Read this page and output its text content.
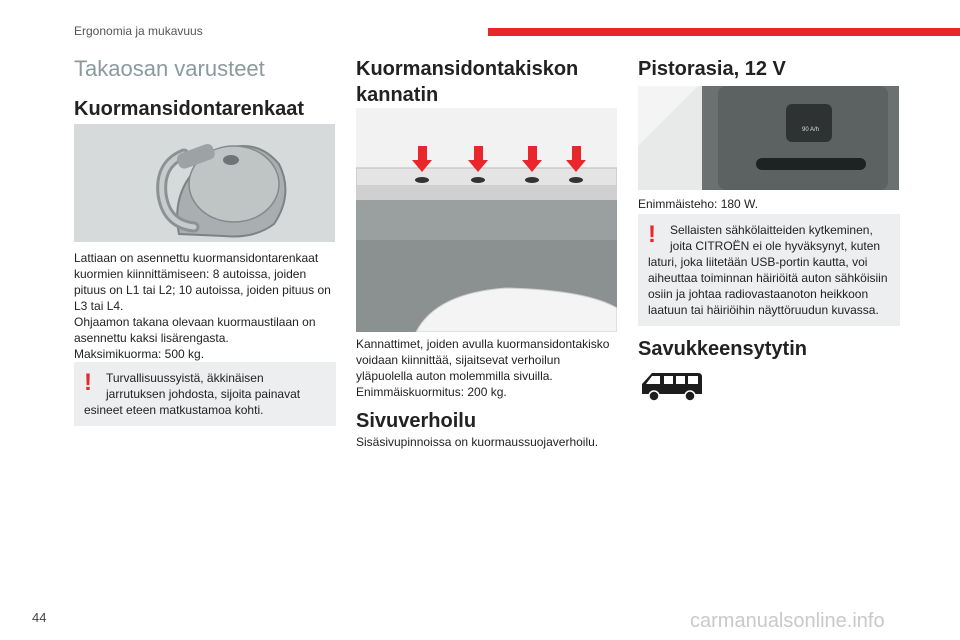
Ergonomia ja mukavuus
Takaosan varusteet
Kuormansidontarenkaat
Lattiaan on asennettu kuormansidontarenkaat kuormien kiinnittämiseen: 8 autoissa, joiden pituus on L1 tai L2; 10 autoissa, joiden pituus on L3 tai L4.
Ohjaamon takana olevaan kuormaustilaan on asennettu kaksi lisärengasta.
Maksimikuorma: 500 kg.
!	Turvallisuussyistä, äkkinäisen jarrutuksen johdosta, sijoita painavat esineet eteen matkustamoa kohti.
Kuormansidontakiskon kannatin
Kannattimet, joiden avulla kuormansidontakisko voidaan kiinnittää, sijaitsevat verhoilun yläpuolella auton molemmilla sivuilla.
Enimmäiskuormitus: 200 kg.
Sivuverhoilu
Sisäsivupinnoissa on kuormaussuojaverhoilu.
Pistorasia, 12 V
90 A/h
Enimmäisteho: 180 W.
!	Sellaisten sähkölaitteiden kytkeminen, joita CITROËN ei ole hyväksynyt, kuten laturi, joka liitetään USB-portin kautta, voi aiheuttaa toiminnan häiriöitä auton sähköisiin osiin ja johtaa radiovastaanoton heikkoon laatuun tai häiriöihin näyttöruudun kuvassa.
Savukkeensytytin
44	carmanualsonline.info
